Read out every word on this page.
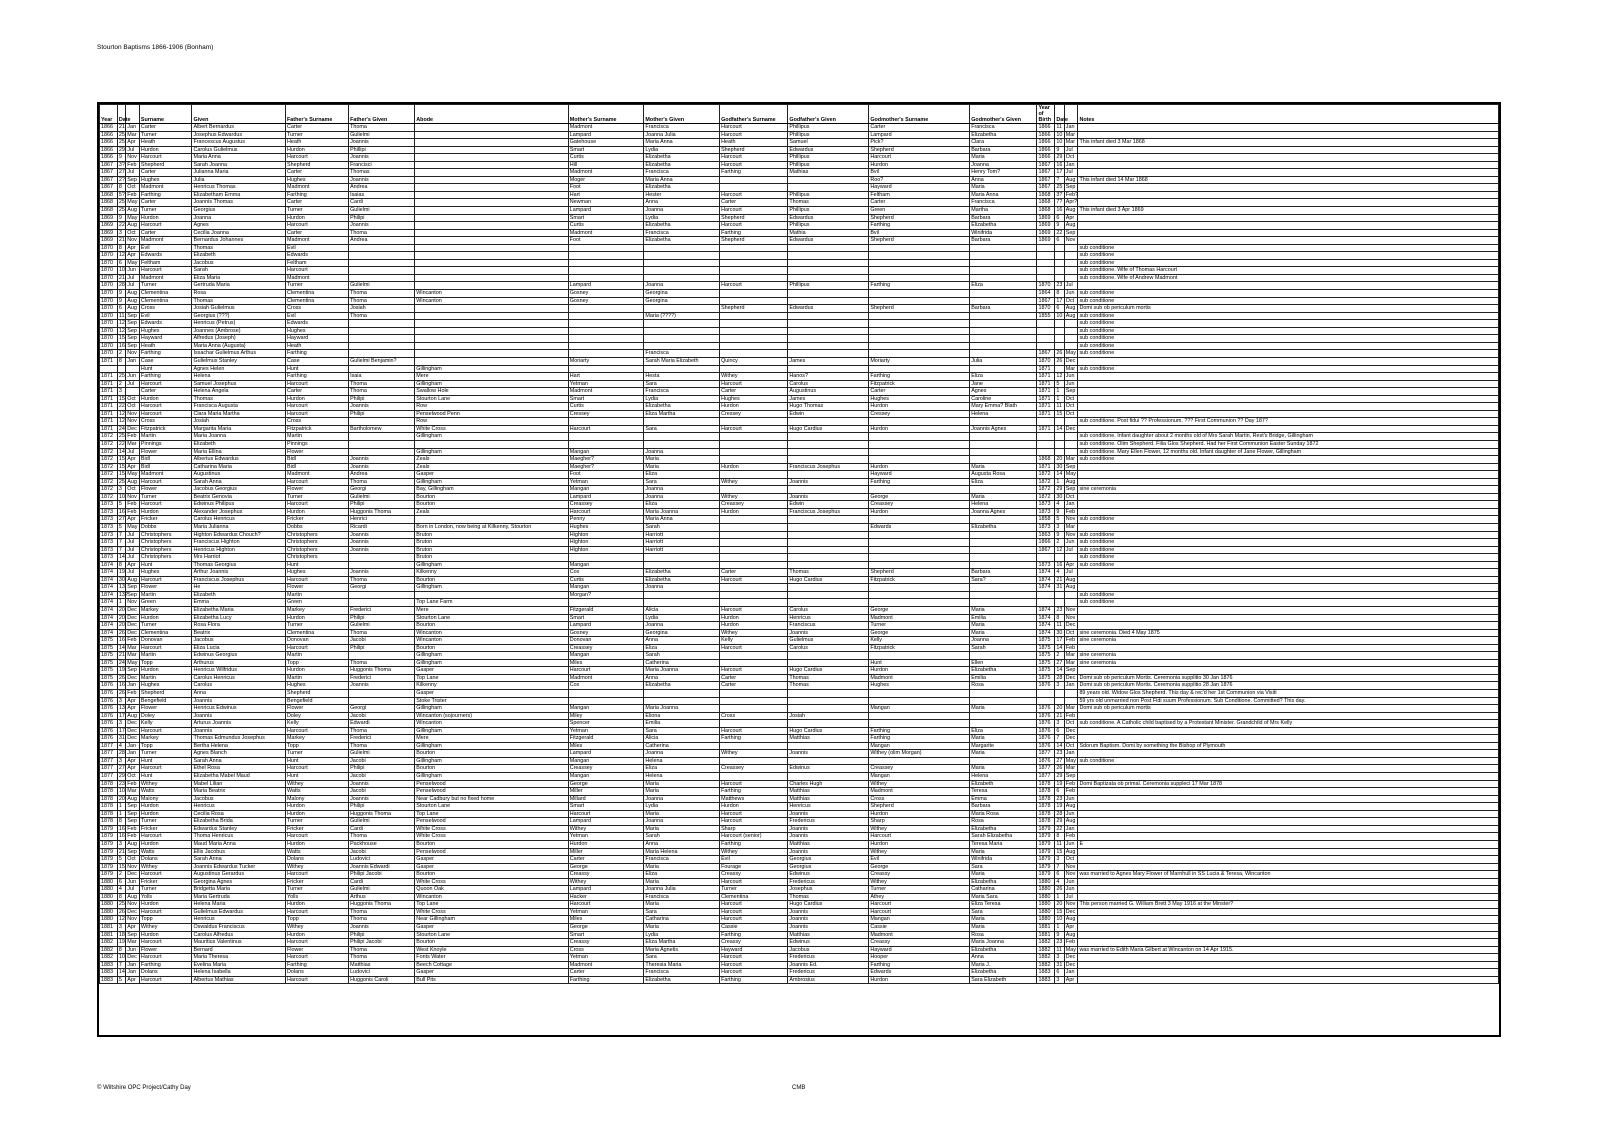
Stourton Baptisms 1866-1906 (Bonham)
Year	Date		Surname	Given	Father's Surname	Father's Given	Abode	Mother's Surname	Mother's Given	Godfather's Surname	Godfather's Given	Godmother's Surname	Godmother's Given	Year of Birth	Date		Notes
1866	21	Jan	Carter	Albert Bernardus	Carter	Thoma		Madmont	Francisca	Harcourt	Phillipus	Carter	Francisca	1866	11	Jan	
1866	25	Mar	Turner	Josephus Edwardus	Turner	Gulielmi		Lampard	Joanna Julia	Harcourt	Phillipus	Lampard	Elizabetha	1866	10	Mar	
1866	25	Apr	Heath	Francescus Augustus	Heath	Joannis		Gatehouse	Maria Anna	Heath	Samuel	Pick?	Clara	1866	10	Mar	This infant died 3 Mar 1868
1866	29	Jul	Hurdon	Carolus Gulielmus	Hurdon	Phillipi		Smart	Lydia	Shepherd	Edwardus	Shepherd	Barbara	1866	9	Jul	
1866	9	Nov	Harcourt	Maria Anna	Harcourt	Joannis		Curtis	Elizabetha	Harcourt	Phillipus	Harcourt	Maria	1866	29	Oct	
1867	3?	Feb	Shepherd	Sarah Joanna	Shepherd	Francisci		Hill	Elizabetha	Harcourt	Phillipus	Hurdon	Joanna	1867	16	Jan	
1867	27	Jul	Carter	Julianna Maria	Carter	Thomas		Madmont	Francisca	Farthing	Mathias	Bvil	Henry Tom?	1867	17	Jul	
1867	2?	Sep	Hughes	Julia	Hughes	Joannis		Moger	Maria Anna			Roo?	Anna	1867	?	Aug	This infant died 14 Mar 1868
1867	8	Oct	Madmont	Henricus Thomas	Madmont	Andrea		Foot	Elizabetha			Hayward	Maria	1867	25	Sep	
1868	5?	Feb	Farthing	Elizabetham Emma	Farthing	Isaias		Hart	Hester	Harcourt	Phillipus	Feltham	Maria Anna	1868	3?	Feb?	
1868	25	May	Carter	Joannis Thomas	Carter	Cardi		Newman	Anna	Carter	Thomas	Carter	Francisca	1868	7?	Apr?	
1868	25	Aug	Turner	Georgius	Turner	Gulielmi		Lampard	Joanna	Harcourt	Phillipus	Green	Martha	1868	16	Aug	This infant died 3 Apr 1869
1869	9	May	Hurdon	Joanna	Hurdon	Philipi		Smart	Lydia	Shepherd	Edwardus	Shepherd	Barbara	1869	6	Apr	
1869	22	Aug	Harcourt	Agnes	Harcourt	Joannis		Curtis	Elizabetha	Harcourt	Phillipus	Farthing	Elizabetha	1869	9	Aug	
1869	3	Oct	Carter	Cecilia Joanna	Carter	Thoma		Madmont	Francisca	Farthing	Mathia	Bvil	Winifrida	1869	22	Sep	
1869	21	Nov	Madmont	Bernardus Johannes	Madmont	Andrea		Foot	Elizabetha	Shepherd	Edwardus	Shepherd	Barbara	1869	6	Nov	
1870	8	Apr	Evil	Thomas	Evil												sub conditione
1870	12	Apr	Edwards	Elizabeth	Edwards												sub conditione
1870	6	May	Feltham	Jacobus	Feltham												sub conditione
1870	10	Jun	Harcourt	Sarah	Harcourt												sub conditione. Wife of Thomas Harcourt
1870	21	Jul	Madmont	Eliza Maria	Madmont												sub conditione. Wife of Andrew Madmont
1870	28	Jul	Turner	Gertruda Maria	Turner	Gulielmi		Lampard	Joanna	Harcourt	Phillipus	Farthing	Eliza	1870	23	Jul	
1870	9	Aug	Clementina	Rosa	Clementina	Thoma	Wincanton	Gosney	Georgina					1864	8	Jun	sub conditione
1870	9	Aug	Clementina	Thomas	Clementina	Thoma	Wincanton	Gosney	Georgina					1867	17	Oct	sub conditione
1870	6	Aug	Cross	Josiah Gulielmus	Cross	Josiah				Shepherd	Edwardus	Shepherd	Barbara	1870	6	Aug	Domi sub ob periculum mortis
1870	11	Sep	Evil	Georgius (???)	Evil	Thoma			Maria (????)					1855	10	Aug	sub conditione
1870	12	Sep	Edwards	Henricus (Petrus)	Edwards												sub conditione
1870	12	Sep	Hughes	Joannes (Ambrose)	Hughes												sub conditione
1870	15	Sep	Hayward	Alfredus (Joseph)	Hayward												sub conditione
1870	16	Sep	Heath	Maria Anna (Augusta)	Heath												sub conditione
1870	2	Nov	Farthing	Issachar Gulielmus Arthus	Farthing				Francisca					1867	26	May	sub conditione
1871	8	Jan	Case	Gulielmus Stanley	Case	Gulielmi Benjamin?		Moriarty	Sarah Maria Elizabeth	Quincy	James	Moriarty	Julia	1870	26	Dec	
			Hunt	Agnes Helen	Hunt		Gillingham							1871		Mar	sub conditione
1871	25	Jun	Farthing	Helena	Farthing	Isaia	Mere	Hart	Hesta	Withey	Hanos?	Farthing	Eliza	1871	12	Jun	
1871	2	Jul	Harcourt	Samuel Josephus	Harcourt	Thoma	Gillingham	Yetman	Sara	Harcourt	Carolus	Fitzpatrick	Jane	1871	5	Jun	
1871	3		Carter	Helena Angela	Carter	Thoma	Swallow Hole	Madmont	Francisca	Carter	Augustinus	Carter	Agnes	1871	1	Sep	
1871	15	Oct	Hurdon	Thomas	Hurdon	Philipi	Stourton Lane	Smart	Lydia	Hughes	James	Hughes	Caroline	1871	1	Oct	
1871	22	Oct	Harcourt	Francisca Augusta	Harcourt	Joannis	Row	Curtis	Elizabetha	Hurdon	Hugo Thomas	Hurdon	Mary Emma? Blath	1871	11	Oct	
1871	12	Nov	Harcourt	Clara Maria Martha	Harcourt	Philipi	Penselwood Penn	Cressey	Eliza Martha	Cressey	Edwin	Cressey	Helena	1871	15	Oct	
1871	12	Nov	Cross	Josiah	Cross		Row										sub conditione. Post fidui ?? Professionum. ??? First Communion ?? Day 187?
1871	24	Dec	Fitzpatrick	Margarita Maria	Fitzpatrick	Bartholomew	White Cross	Harcourt	Sara	Harcourt	Hugo Cardius	Hurdon	Joannis Agnes	1871	14	Dec	
1872	25	Feb	Martin	Maria Joanna	Martin		Gillingham										sub conditione. Infant daughter about 2 months old of Mrs Sarah Martin, Rest's Bridge, Gillingham
1872	22	Mar	Pinnings	Elizabeth	Pinnings												sub conditione. Olim Shepherd. Filia Glos Shepherd. Had her First Communion Easter Sunday 1872
1872	14	Jul	Flower	Maria Ellina	Flower		Gillingham	Mangan	Joanna								sub conditione. Mary Ellen Flower, 12 months old. Infant daughter of Jane Flower, Gillingham
1872	15	Apr	Bidl	Albertus Edwardus	Bidl	Joannis	Zeals	Maegher?	Maria					1868	20	Mar	sub conditione
1872	15	Apr	Bidl	Catharina Maria	Bidl	Joannis	Zeals	Maegher?	Maria	Hurdon	Franciscus Josephus	Hurdon	Maria	1871	30	Sep	
1872	15	May	Madmont	Augustinus	Madmont	Andrea	Gasper	Foot	Eliza			Hayward	Augusta Rosa	1872	14	May	
1872	25	Aug	Harcourt	Sarah Anna	Harcourt	Thoma	Gillingham	Yetman	Sara	Withey	Joannis	Farthing	Eliza	1872	1	Aug	
1872	3	Oct	Flower	Jacobus Georgius	Flower	Georgi	Bay, Gillingham	Mangan	Joanna					1872	29	Sep	sine ceremonia
1872	10	Nov	Turner	Beatrix Genovia	Turner	Gulielmi	Bourton	Lampard	Joanna	Withey	Joannis	George	Maria	1872	30	Oct	
1873	5	Feb	Harcourt	Edwinus Philipus	Harcourt	Philipi	Bourton	Creassey	Eliza	Creassey	Edwin	Creassey	Helena	1873	4	Jan	
1873	16	Feb	Hurdon	Alexander Josephus	Hurdon	Huggonis Thoma	Zeals	Harcourt	Maria Joanna	Hurdon	Franciscus Josephus	Hurdon	Joanna Agnes	1873	9	Feb	
1873	27	Apr	Fricker	Carolus Henricus	Fricker	Henrici		Penny	Maria Anna					1858	5	Nov	sub conditione
1873	5	May	Dobbs	Maria Julianna	Dobbs	Ricardi	Born in London, now being at Kilkenny, Stourton	Hughes	Sarah			Edwards	Elizabetha	1873	3	Mar	
1873	7	Jul	Christophers	Highton Edwardus Chouch?	Christophers	Joannis	Bruton	Highton	Harriott					1863	9	Nov	sub conditione
1873	7	Jul	Christophers	Franciscus Highton	Christophers	Joannis	Bruton	Highton	Harriott					1866	2	Jun	sub conditione
1873	7	Jul	Christophers	Henricus Highton	Christophers	Joannis	Bruton	Highton	Harriott					1867	12	Jul	sub conditione
1873	14	Jul	Christophers	Mrs Harriot	Christophers		Bruton										sub conditione
1874	8	Apr	Hunt	Thomas Georgius	Hunt		Gillingham	Mangan						1873	16	Apr	sub conditione
1874	19	Jul	Hughes	Arthur Joannis	Hughes	Joannis	Kilkenny	Cox	Elizabetha	Carter	Thomas	Shepherd	Barbara	1874	4	Jul	
1874	30	Aug	Harcourt	Franciscus Josephus	Harcourt	Thoma	Bourton	Curtis	Elizabetha	Harcourt	Hugo Cardius	Fitzpatrick	Sara?	1874	21	Aug	
1874	13	Sep	Flower	He	Flower	Georgi	Gillingham	Mangan	Joanna					1874	31	Aug	
1874	13?	Sep	Martin	Elizabeth	Martin			Morgan?									sub conditione
1874	1	Nov	Green	Emma	Green		Top Lane Farm										sub conditione
1874	20	Dec	Markey	Elizabetha Maria	Markey	Frederici	Mere	Fitzgerald	Alicia	Harcourt	Carolus	George	Maria	1874	23	Nov	
1874	20	Dec	Hurdon	Elizabetha Lucy	Hurdon	Philipi	Stourton Lane	Smart	Lydia	Hurdon	Henricus	Madmont	Emilia	1874	8	Nov	
1874	20	Dec	Turner	Rosa Flora	Turner	Gulielmi	Bourton	Lampard	Joanna	Hurdon	Franciscus	Turner	Maria	1874	11	Dec	
1874	26	Dec	Clementina	Beatrix	Clementina	Thoma	Wincanton	Gosney	Georgina	Withey	Joannis	George	Maria	1874	30	Oct	sine ceremonia. Died 4 May 1875
1875	16	Feb	Donovan	Jacobus	Donovan	Jacobi	Wincanton	Donovan	Anna	Kelly	Gulielmus	Kelly	Joanna	1875	17	Feb	sine ceremonia
1875	14	Mar	Harcourt	Eliza Lucia	Harcourt	Philipi	Bourton	Creassey	Eliza	Harcourt	Carolus	Fitzpatrick	Sarah	1875	14	Feb	
1875	21	Mar	Martin	Edwinus Georgius	Martin		Gillingham	Mangan	Sarah					1875	2	Mar	sine ceremonia
1875	24	May	Topp	Arthurus	Topp	Thoma	Gillingham	Miles	Catherina			Hunt	Ellen	1875	27	Mar	sine ceremonia
1875	19	Sep	Hurdon	Henricus Wilfridus	Hurdon	Huggonis Thoma	Gasper	Harcourt	Maria Joanna	Harcourt	Hugo Cardius	Hurdon	Elizabetha	1875	14	Sep	
1875	26	Dec	Martin	Carolus Henricus	Martin	Frederici	Top Lane	Madmont	Anna	Carter	Thomas	Madmont	Emilia	1875	28	Dec	Domi sub ob periculum Mortis. Ceremonia supplitio 30 Jan 1876
1876	16	Jan	Hughes	Carolus	Hughes	Joannis	Kilkenny	Cox	Elizabetha	Carter	Thomas	Hughes	Rosa	1876	3	Jan	Domi sub ob periculum Mortis. Ceremonia supplitio 28 Jan 1876
1876	26	Feb	Shepherd	Anna	Shepherd		Gasper										89 years old. Widow Glos Shepherd. This day & rec'd her 1st Communion via Visiti
1876	3	Apr	Bengefield	Joannis	Bengefield		Stoke Trister										59 yrs old unmarried non Post Fidi suum Professionum. Sub Conditione. Committed? This day.
1876	13	Apr	Flower	Henricus Edwinus	Flower	Georgi	Gillingham	Mangan	Maria Joanna			Mangan	Maria	1876	20	Mar	Domi sub ob periculum mortis
1876	17	Aug	Doley	Joannis	Doley	Jacobi	Wincanton (sojourners)	Miley	Eliona	Cross	Josiah			1876	21	Feb	
1876	3	Dec	Kelly	Arturus Joannis	Kelly	Edwardi	Wincanton	Spencer	Emilia					1876	3	Oct	sub conditione. A Catholic child baptised by a Protestant Minister. Grandchild of Mrs Kelly
1876	17	Dec	Harcourt	Joannis	Harcourt	Thoma	Gillingham	Yetman	Sara	Harcourt	Hugo Cardius	Farthing	Eliza	1876	6	Dec	
1876	31	Dec	Markey	Thomas Edmundus Josephus	Markey	Frederici	Mere	Fitzgerald	Alicia	Farthing	Matthias	Farthing	Maria	1876	7	Dec	
1877	4	Jan	Topp	Bertha Helena	Topp	Thoma	Gillingham	Miles	Catherina			Mangan	Margarite	1876	14	Oct	Sdorum Baptism. Domi by something the Bishop of Plymouth
1877	28	Jan	Turner	Agnes Blanch	Turner	Gulielmi	Bourton	Lampard	Joanna	Withey	Joannis	Withey (olim Morgan)	Maria	1877	23	Jan	
1877	3	Apr	Hunt	Sarah Anna	Hunt	Jacobi	Gillingham	Mangan	Helena					1876	27	May	sub conditione
1877	27	Apr	Harcourt	Ethel Rosa	Harcourt	Philipi	Bourton	Creassey	Eliza	Creassey	Edwinus	Creassey	Maria	1877	26	Mar	
1877	29	Oct	Hunt	Elizabetha Mabel Maud	Hunt	Jacobi	Gillingham	Mangan	Helena			Mangan	Helena	1877	29	Sep	
1878	23	Feb	Withey	Mabel Lilian	Withey	Joannis	Penselwood	George	Maria	Harcourt	Charles Hugh	Withey	Elizabeth	1878	19	Feb	Domi Baptizata ob primal. Ceremonia suppleci 17 Mar 1878
1878	10	Mar	Watts	Maria Beatrix	Watts	Jacobi	Penselwood	Miller	Maria	Farthing	Matthias	Madmont	Teresa	1878	6	Feb	
1878	20	Aug	Malony	Jacobus	Malony	Joannis	Near Cadbury but no fixed home	Millard	Joanna	Matthews	Matthias	Cross	Emma	1878	23	Jun	
1878	1	Sep	Hurdon	Henricus	Hurdon	Philipi	Stourton Lane	Smart	Lydia	Hurdon	Henricus	Shepherd	Barbara	1878	19	Aug	
1878	1	Sep	Hurdon	Cecilia Rosa	Hurdon	Huggonis Thoma	Top Lane	Harcourt	Maria	Harcourt	Joannis	Hurdon	Maria Rosa	1878	28	Jun	
1878	8	Sep	Turner	Elizabetha Brida	Turner	Gulielmi	Penselwood	Lampard	Joanna	Harcourt	Fredericus	Sharp	Rosa	1878	29	Aug	
1879	16	Feb	Fricker	Edwardus Stanley	Fricker	Cardi	White Cross	Withey	Maria	Sharp	Joannis	Withey	Elizabetha	1879	22	Jan	
1879	16	Feb	Harcourt	Thoma Henricus	Harcourt	Thoma	White Cross	Yetman	Sarah	Harcourt (senior)	Joannis	Harcourt	Sarah Elizabetha	1879	8	Feb	
1879	3	Aug	Hurdon	Maud Maria Anna	Hurdon	Packhouse	Bourton	Hurdon	Anna	Farthing	Matthias	Hurdon	Teresa Maria	1879	11	Jun	E
1879	21	Sep	Watts	Ellis Jacobus	Watts	Jacobi	Penselwood	Miller	Maria Helena	Withey	Joannis	Withey	Maria	1879	15	Aug	
1879	5	Oct	Dolans	Sarah Anna	Dolans	Ludovici	Gasper	Carter	Francisca	Evil	Georgius	Evil	Winifrida	1879	3	Oct	
1879	15	Nov	Withey	Joannis Edwardus Tucker	Withey	Joannis Edwardi	Gasper	George	Maria	Fourage	Georgius	George	Sara	1879	7	Nov	
1879	2	Dec	Harcourt	Augustinus Gerardus	Harcourt	Philipi Jacobi	Bourton	Creassy	Eliza	Creassy	Edwinus	Creassy	Maria	1879	6	Nov	was married to Agnes Mary Flower of Marnhull in SS Lucia & Teresa, Wincanton
1880	6	Jun	Fricker	Georgina Agnes	Fricker	Cardi	White Cross	Withey	Maria	Harcourt	Fredericus	Withey	Elizabetha	1880	4	Jun	
1880	4	Jul	Turner	Bridgetta Maria	Turner	Gulielmi	Quoon Oak	Lampard	Joanna Julia	Turner	Josephus	Turner	Catharina	1880	26	Jun	
1880	8	Aug	Yolls	Maria Gertruda	Yolls	Arthus	Wincanton	Hacker	Francisca	Clementina	Thomas	Athey	Maria Sara	1880	1	Jul	
1880	25	Nov	Hurdon	Helena Maria	Hurdon	Huggonis Thoma	Top Lane	Harcourt	Maria	Harcourt	Hugo Cardius	Harcourt	Eliza Teresa	1880	20	Nov	This person married G. William Brett 3 May 1916 at the Minster?
1880	26	Dec	Harcourt	Gulielmus Edwardus	Harcourt	Thoma	White Cross	Yetman	Sara	Harcourt	Joannis	Harcourt	Sara	1880	15	Dec	
1880	12	Nov	Topp	Henricus	Topp	Thoma	Near Gillingham	Miles	Catharina	Harcourt	Joannis	Mangan	Maria	1880	10	Aug	
1881	3	Apr	Withey	Oswaldus Franciscus	Withey	Joannis	Gasper	George	Maria	Cassie	Joannis	Cassie	Maria	1881	1	Apr	
1881	18	Sep	Hurdon	Carolus Alfredus	Hurdon	Philipi	Stourton Lane	Smart	Lydia	Farthing	Matthias	Madmont	Rosa	1881	9	Aug	
1882	19	Mar	Harcourt	Mauritius Valentinus	Harcourt	Philipi Jacobi	Bourton	Creassy	Eliza Martha	Creassy	Edwinus	Creassy	Maria Joanna	1882	23	Feb	
1882	8	Jun	Flower	Bernard	Flower	Thoma	West Knoyle	Cross	Maria Agnetis	Hayward	Jacobus	Hayward	Elizabetha	1882	11	May	was married to Edith Maria Gilbert at Wincanton on 14 Apr 1915.
1882	10	Dec	Harcourt	Maria Theresa	Harcourt	Thoma	Fonts Water	Yetman	Sara	Harcourt	Fredericus	Hooper	Anna	1882	3	Dec	
1883	7	Jan	Farthing	Evelina Maria	Farthing	Matthias	Beech Cottage	Madmont	Theresia Maria	Harcourt	Joannis Ed.	Farthing	Maria J.	1882	31	Dec	
1883	14	Jan	Dolans	Helena Isabella	Dolans	Ludovici	Gasper	Carter	Francisca	Harcourt	Fredericus	Edwards	Elizabetha	1883	6	Jan	
1883	5	Apr	Harcourt	Albertus Mathias	Harcourt	Huggonis Caroli	Bull Pits	Farthing	Elizabetha	Farthing	Ambrosius	Hurdon	Sara Elizabeth	1883	3	Apr	
© Wiltshire OPC Project/Cathy Day	CMB
